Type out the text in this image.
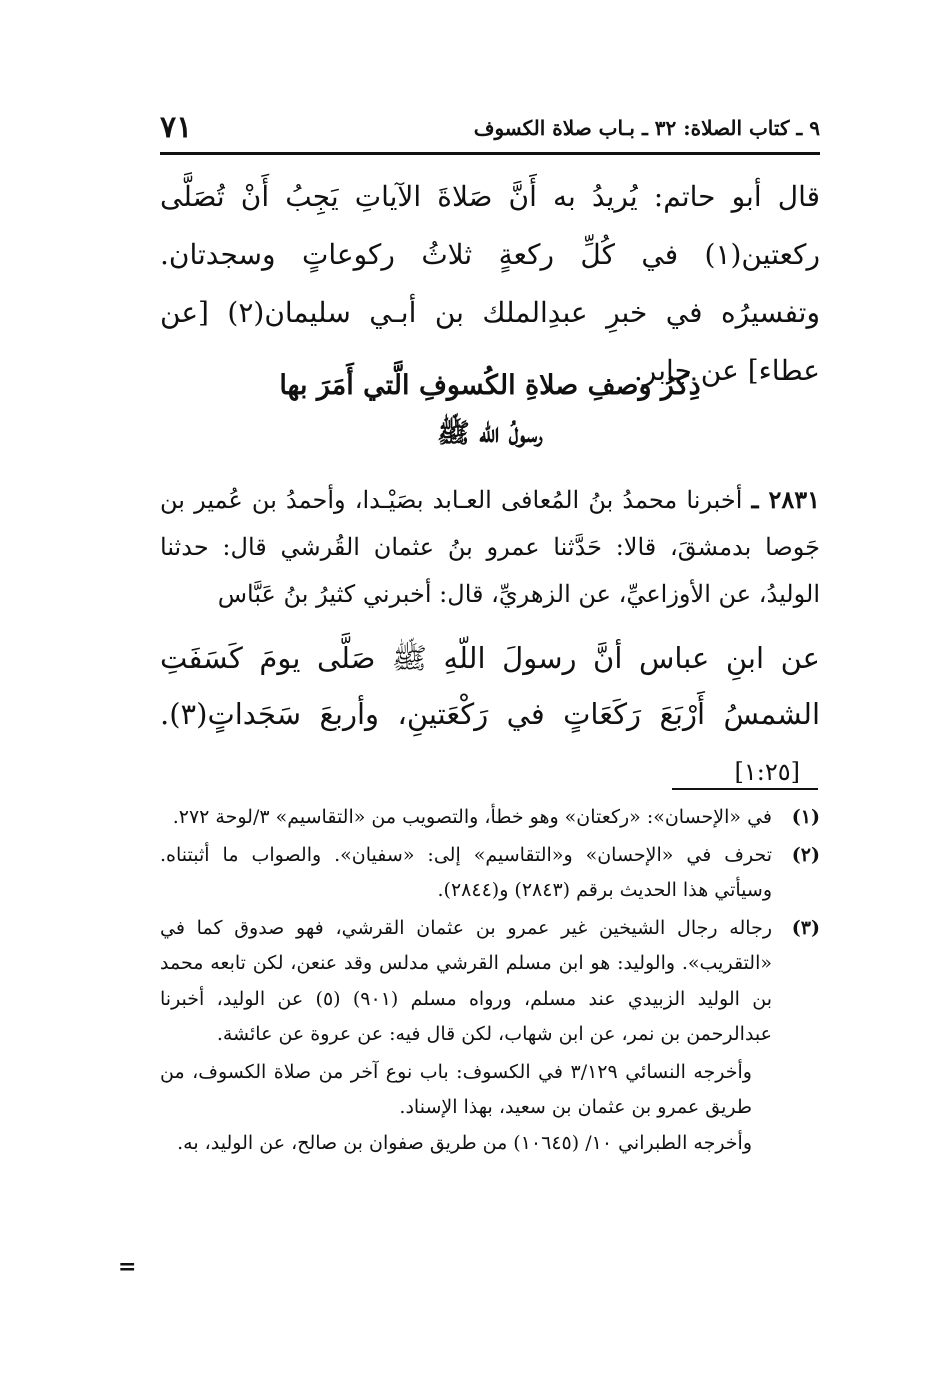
٧١	٩ ـ كتاب الصلاة: ٣٢ ـ بـاب صلاة الكسوف
قال أبو حاتم: يُريدُ به أَنَّ صَلاةَ الآياتِ يَجِبُ أَنْ تُصَلَّى ركعتين(١) في كُلِّ ركعةٍ ثلاثُ ركوعاتٍ وسجدتان. وتفسيرُه في خبرِ عبدِالملك بن أبـي سليمان(٢) [عن عطاء] عن جابر.
ذِكرُ وصفِ صلاةِ الكُسوفِ الَّتي أَمَرَ بها
رسولُ اللّه ﷺ
٢٨٣١ ـ أخبرنا محمدُ بنُ المُعافى العـابد بصَيْـدا، وأحمدُ بن عُمير بن جَوصا بدمشقَ، قالا: حَدَّثنا عمرو بنُ عثمان القُرشي قال: حدثنا الوليدُ، عن الأوزاعيِّ، عن الزهريِّ، قال: أخبرني كثيرُ بنُ عَبَّاس
عن ابنِ عباس أنَّ رسولَ اللّهِ ﷺ صَلَّى يومَ كَسَفَتِ الشمسُ أَرْبَعَ رَكَعَاتٍ في رَكْعَتينِ، وأربعَ سَجَداتٍ(٣). [١:٢٥]
(١)
في «الإحسان»: «ركعتان» وهو خطأ، والتصويب من «التقاسيم» ٣/لوحة ٢٧٢.
(٢)
تحرف في «الإحسان» و«التقاسيم» إلى: «سفيان». والصواب ما أثبتناه. وسيأتي هذا الحديث برقم (٢٨٤٣) و(٢٨٤٤).
(٣)
رجاله رجال الشيخين غير عمرو بن عثمان القرشي، فهو صدوق كما في «التقريب». والوليد: هو ابن مسلم القرشي مدلس وقد عنعن، لكن تابعه محمد بن الوليد الزبيدي عند مسلم، ورواه مسلم (٩٠١) (٥) عن الوليد، أخبرنا عبدالرحمن بن نمر، عن ابن شهاب، لكن قال فيه: عن عروة عن عائشة.

وأخرجه النسائي ٣/١٢٩ في الكسوف: باب نوع آخر من صلاة الكسوف، من طريق عمرو بن عثمان بن سعيد، بهذا الإسناد.

وأخرجه الطبراني ١٠/ (١٠٦٤٥) من طريق صفوان بن صالح، عن الوليد، به.

=
